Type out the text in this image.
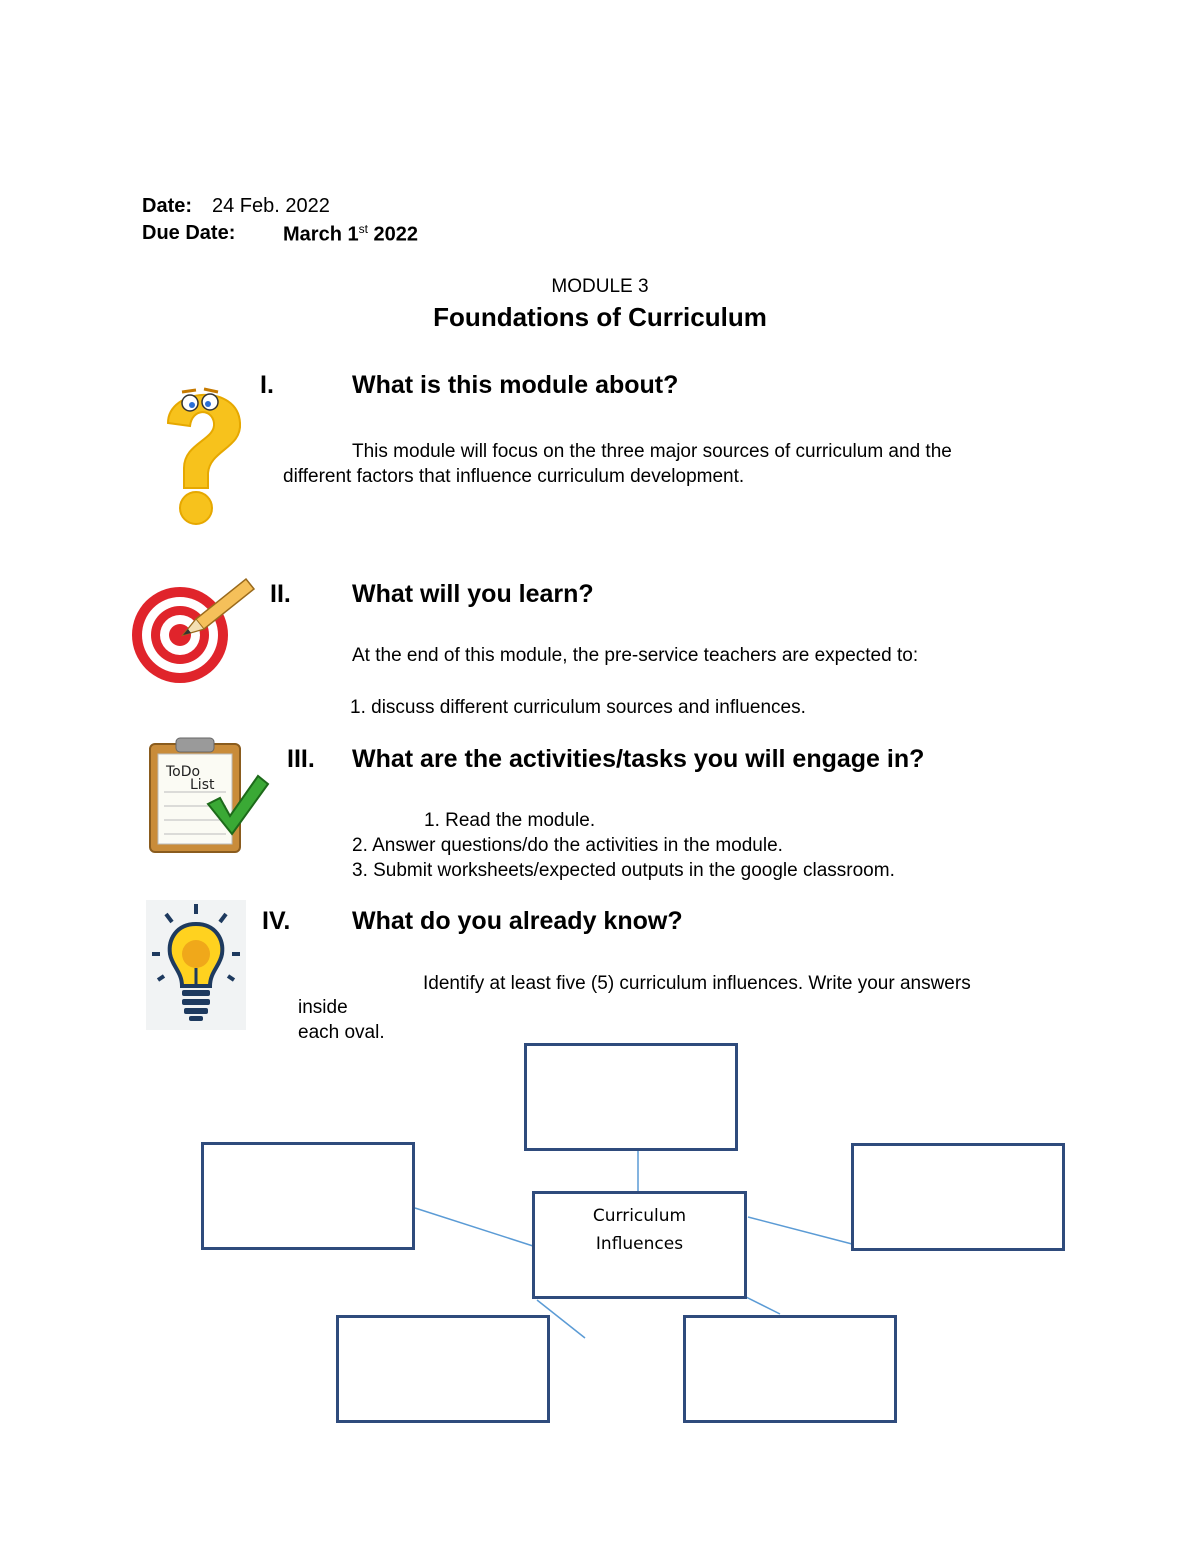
Date: 24 Feb. 2022
Due Date: March 1st 2022
MODULE 3
Foundations of Curriculum
I.	What is this module about?
This module will focus on the three major sources of curriculum and the
different factors that influence curriculum development.
II. What will you learn?
At the end of this module, the pre-service teachers are expected to:
1. discuss different curriculum sources and influences.
ToDo
List
III. What are the activities/tasks you will engage in?
1. Read the module.
2. Answer questions/do the activities in the module.
3. Submit worksheets/expected outputs in the google classroom.
IV. What do you already know?
Identify at least five (5) curriculum influences. Write your answers
inside
each oval.
Curriculum
Influences
